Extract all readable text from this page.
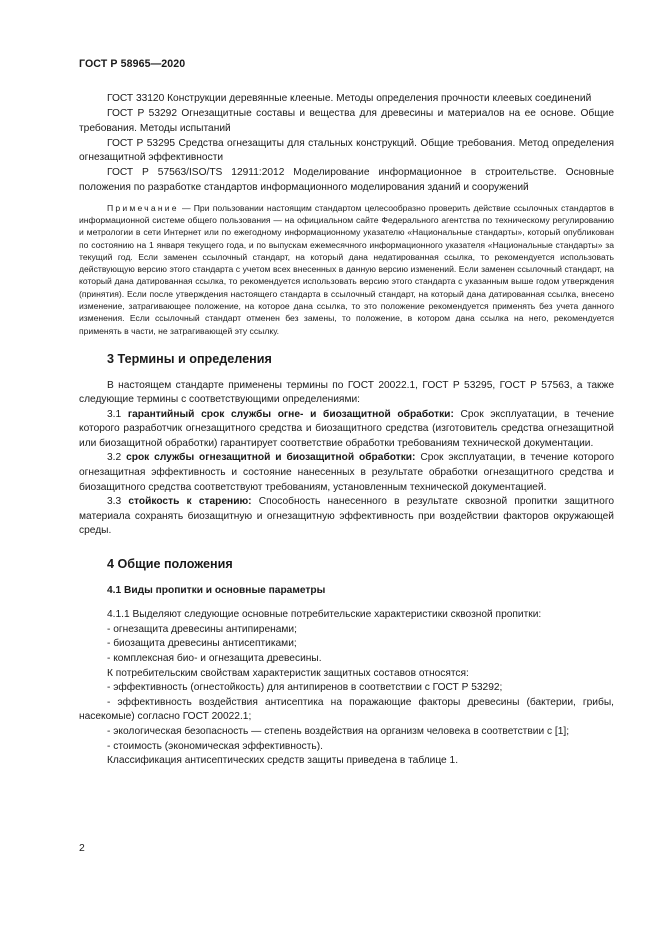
ГОСТ Р 58965—2020

ГОСТ 33120 Конструкции деревянные клееные. Методы определения прочности клеевых соединений

ГОСТ Р 53292 Огнезащитные составы и вещества для древесины и материалов на ее основе. Общие требования. Методы испытаний

ГОСТ Р 53295 Средства огнезащиты для стальных конструкций. Общие требования. Метод определения огнезащитной эффективности

ГОСТ Р 57563/ISO/TS 12911:2012 Моделирование информационное в строительстве. Основные положения по разработке стандартов информационного моделирования зданий и сооружений

Примечание — При пользовании настоящим стандартом целесообразно проверить действие ссылочных стандартов в информационной системе общего пользования — на официальном сайте Федерального агентства по техническому регулированию и метрологии в сети Интернет или по ежегодному информационному указателю «Национальные стандарты», который опубликован по состоянию на 1 января текущего года, и по выпускам ежемесячного информационного указателя «Национальные стандарты» за текущий год. Если заменен ссылочный стандарт, на который дана недатированная ссылка, то рекомендуется использовать действующую версию этого стандарта с учетом всех внесенных в данную версию изменений. Если заменен ссылочный стандарт, на который дана датированная ссылка, то рекомендуется использовать версию этого стандарта с указанным выше годом утверждения (принятия). Если после утверждения настоящего стандарта в ссылочный стандарт, на который дана датированная ссылка, внесено изменение, затрагивающее положение, на которое дана ссылка, то это положение рекомендуется применять без учета данного изменения. Если ссылочный стандарт отменен без замены, то положение, в котором дана ссылка на него, рекомендуется применять в части, не затрагивающей эту ссылку.

3 Термины и определения

В настоящем стандарте применены термины по ГОСТ 20022.1, ГОСТ Р 53295, ГОСТ Р 57563, а также следующие термины с соответствующими определениями:

3.1 гарантийный срок службы огне- и биозащитной обработки: Срок эксплуатации, в течение которого разработчик огнезащитного средства и биозащитного средства (изготовитель средства огнезащитной или биозащитной обработки) гарантирует соответствие обработки требованиям технической документации.

3.2 срок службы огнезащитной и биозащитной обработки: Срок эксплуатации, в течение которого огнезащитная эффективность и состояние нанесенных в результате обработки огнезащитного средства и биозащитного средства соответствуют требованиям, установленным технической документацией.

3.3 стойкость к старению: Способность нанесенного в результате сквозной пропитки защитного материала сохранять биозащитную и огнезащитную эффективность при воздействии факторов окружающей среды.

4 Общие положения
4.1 Виды пропитки и основные параметры

4.1.1 Выделяют следующие основные потребительские характеристики сквозной пропитки:

- огнезащита древесины антипиренами;

- биозащита древесины антисептиками;

- комплексная био- и огнезащита древесины.

К потребительским свойствам характеристик защитных составов относятся:

- эффективность (огнестойкость) для антипиренов в соответствии с ГОСТ Р 53292;

- эффективность воздействия антисептика на поражающие факторы древесины (бактерии, грибы, насекомые) согласно ГОСТ 20022.1;

- экологическая безопасность — степень воздействия на организм человека в соответствии с [1];

- стоимость (экономическая эффективность).

Классификация антисептических средств защиты приведена в таблице 1.

2
